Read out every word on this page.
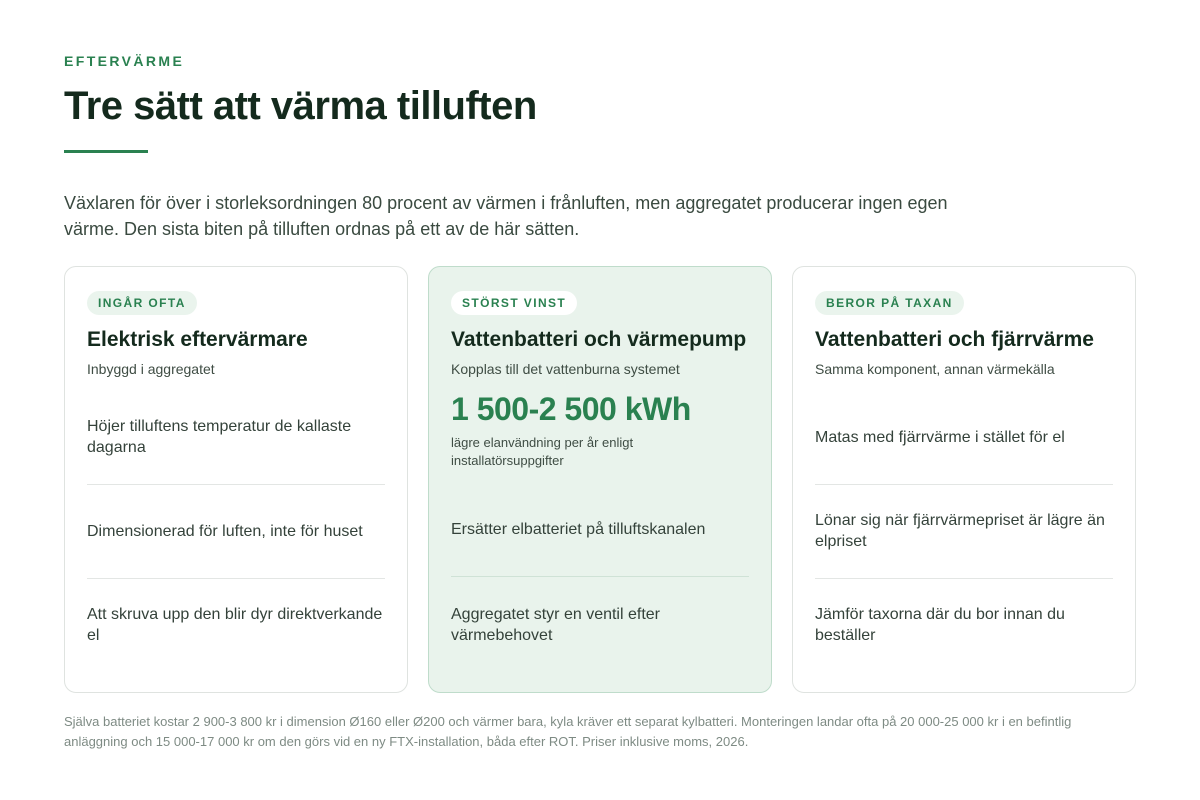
EFTERVÄRME
Tre sätt att värma tilluften

Växlaren för över i storleksordningen 80 procent av värmen i frånluften, men aggregatet producerar ingen egen värme. Den sista biten på tilluften ordnas på ett av de här sätten.

INGÅR OFTA
Elektrisk eftervärmare
Inbyggd i aggregatet
Höjer tilluftens temperatur de kallaste dagarna
Dimensionerad för luften, inte för huset
Att skruva upp den blir dyr direktverkande el
STÖRST VINST
Vattenbatteri och värmepump
Kopplas till det vattenburna systemet
1 500-2 500 kWh
lägre elanvändning per år enligt installatörsuppgifter
Ersätter elbatteriet på tilluftskanalen
Aggregatet styr en ventil efter värmebehovet
BEROR PÅ TAXAN
Vattenbatteri och fjärrvärme
Samma komponent, annan värmekälla
Matas med fjärrvärme i stället för el
Lönar sig när fjärrvärmepriset är lägre än elpriset
Jämför taxorna där du bor innan du beställer

Själva batteriet kostar 2 900-3 800 kr i dimension Ø160 eller Ø200 och värmer bara, kyla kräver ett separat kylbatteri. Monteringen landar ofta på 20 000-25 000 kr i en befintlig anläggning och 15 000-17 000 kr om den görs vid en ny FTX-installation, båda efter ROT. Priser inklusive moms, 2026.
